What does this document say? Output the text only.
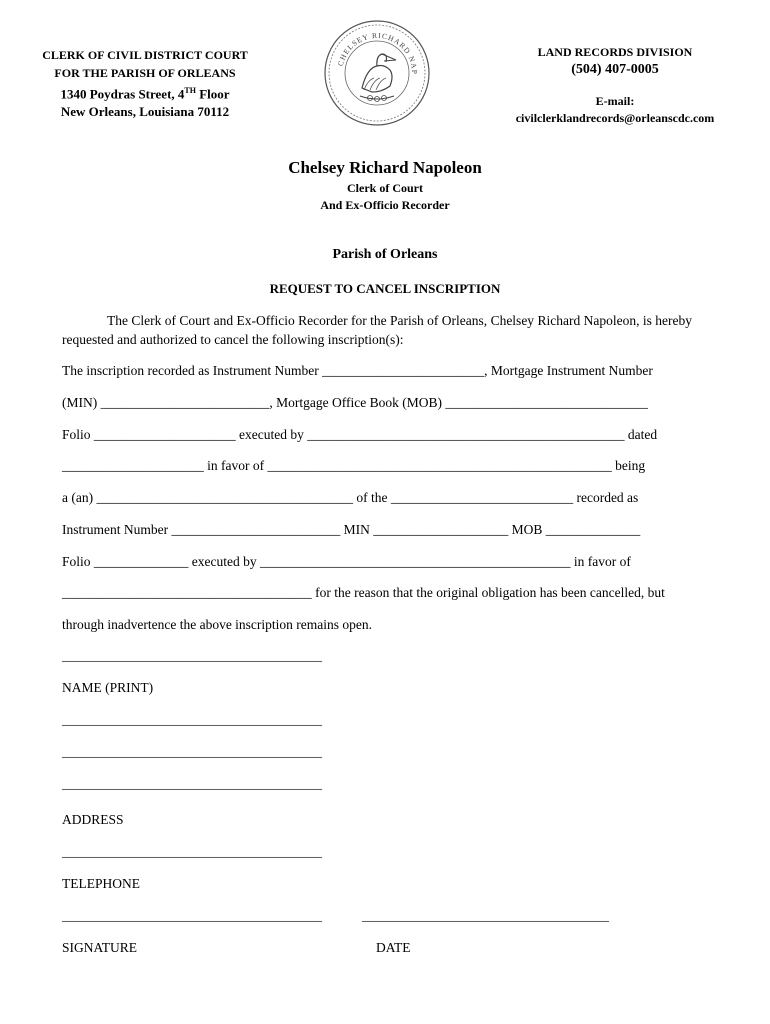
CLERK OF CIVIL DISTRICT COURT
FOR THE PARISH OF ORLEANS
1340 Poydras Street, 4TH Floor
New Orleans, Louisiana 70112
CHELSEY RICHARD NAP
LAND RECORDS DIVISION
(504) 407-0005
E-mail:
civilclerklandrecords@orleanscdc.com
Chelsey Richard Napoleon
Clerk of Court
And Ex-Officio Recorder
Parish of Orleans
REQUEST TO CANCEL INSCRIPTION
The Clerk of Court and Ex-Officio Recorder for the Parish of Orleans, Chelsey Richard Napoleon, is hereby requested and authorized to cancel the following inscription(s):
The inscription recorded as Instrument Number ________________________, Mortgage Instrument Number
(MIN) _________________________, Mortgage Office Book (MOB) ______________________________
Folio _____________________ executed by _______________________________________________ dated
_____________________ in favor of ___________________________________________________ being
a (an) ______________________________________ of the ___________________________ recorded as
Instrument Number _________________________ MIN ____________________ MOB ______________
Folio ______________ executed by ______________________________________________ in favor of
_____________________________________ for the reason that the original obligation has been cancelled, but
through inadvertence the above inscription remains open.
________________________________________
NAME (PRINT)
________________________________________
________________________________________
________________________________________
ADDRESS
________________________________________
TELEPHONE
________________________________________	______________________________________
SIGNATURE	DATE
